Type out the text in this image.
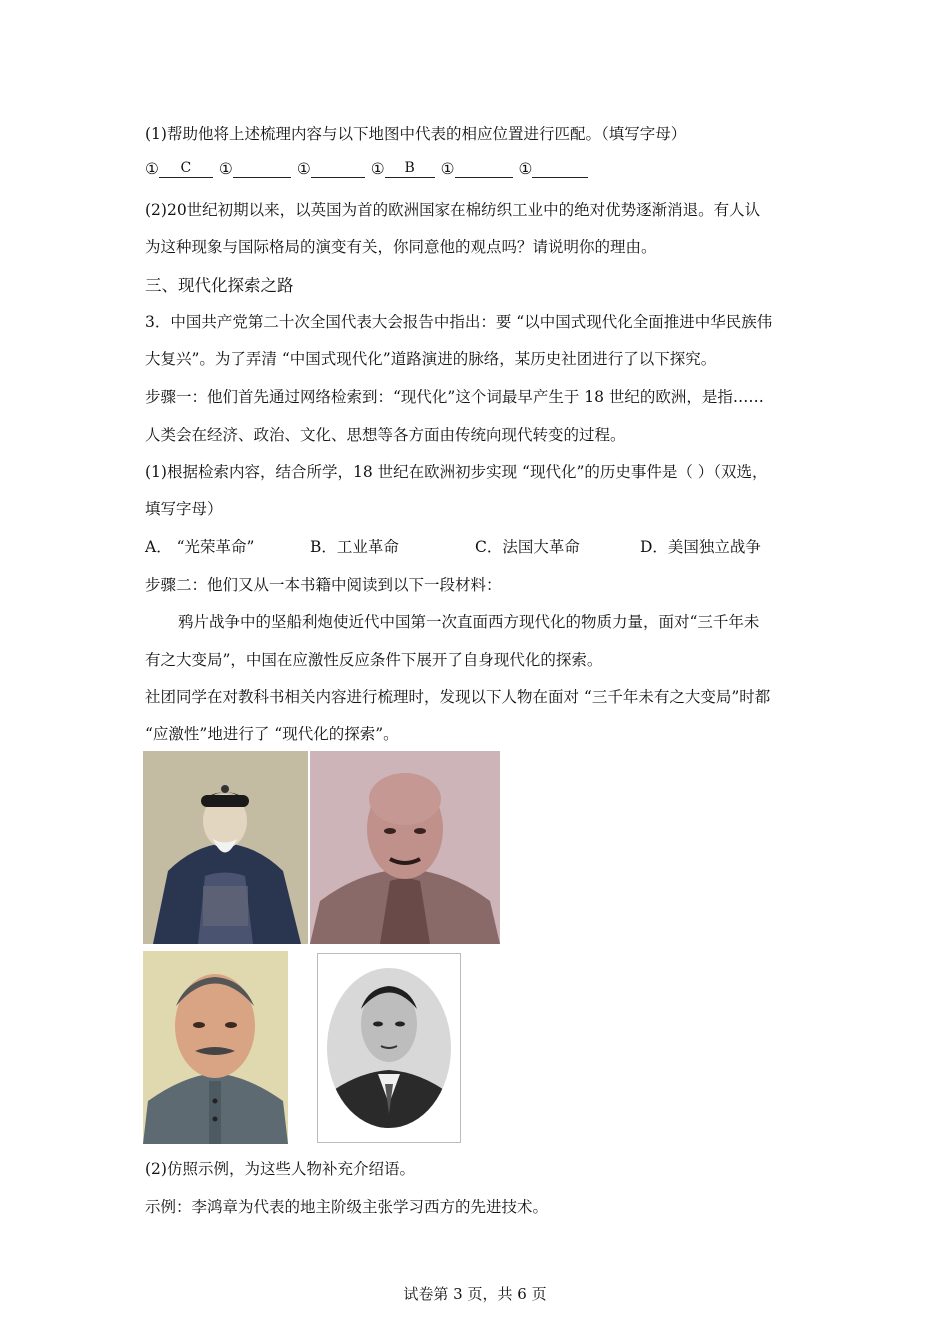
(1)帮助他将上述梳理内容与以下地图中代表的相应位置进行匹配。（填写字母）
①	C	①	①	①	B	①	①
(2)20世纪初期以来，以英国为首的欧洲国家在棉纺织工业中的绝对优势逐渐消退。有人认
为这种现象与国际格局的演变有关，你同意他的观点吗？请说明你的理由。
三、现代化探索之路
3．中国共产党第二十次全国代表大会报告中指出：要 “以中国式现代化全面推进中华民族伟
大复兴”。为了弄清 “中国式现代化”道路演进的脉络，某历史社团进行了以下探究。
步骤一：他们首先通过网络检索到：“现代化”这个词最早产生于 18 世纪的欧洲，是指……
人类会在经济、政治、文化、思想等各方面由传统向现代转变的过程。
(1)根据检索内容，结合所学，18 世纪在欧洲初步实现 “现代化”的历史事件是（ ）（双选，
填写字母）
A． “光荣革命”	B．工业革命	C．法国大革命	D．美国独立战争
步骤二：他们又从一本书籍中阅读到以下一段材料：
鸦片战争中的坚船利炮使近代中国第一次直面西方现代化的物质力量，面对“三千年未
有之大变局”，中国在应激性反应条件下展开了自身现代化的探索。
社团同学在对教科书相关内容进行梳理时，发现以下人物在面对 “三千年未有之大变局”时都
“应激性”地进行了 “现代化的探索”。
(2)仿照示例，为这些人物补充介绍语。
示例：李鸿章为代表的地主阶级主张学习西方的先进技术。
试卷第 3 页，共 6 页
